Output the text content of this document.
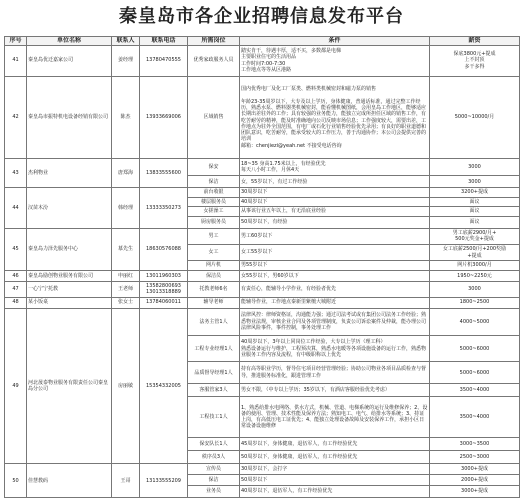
秦皇岛市各企业招聘信息发布平台
序号	单位名称	联系人	联系电话	所需岗位	条件	薪资
41	秦皇岛优迁嘉家公司	姜经理	13780470555	优秀家政服务人员	踏实肯干，待遇丰厚，适不买，多数都是电梯
主要职业住宅的生活用品
工作时间7:00-7:30
工作地点等等从区港路	保底3800元+提成
上不封顶
多干多得
42	秦皇岛市振特机电设备经销有限公司	陈杰	13933669006	区域销售	国内优秀电厂及化工厂泵类、燃料类机械密封和磁力泵的销售

年龄23-35周岁以下，大专及以上学历，身体健康，普通话标准，通过完整工作经历，熟悉水泵、燃料器类机械密封，能看懂机械图纸，会用皇岛工作地区，能够适应长期出差驻外的工作；具有较强的业务能力，能独立完成所担任区域的销售工作，有吃苦耐劳的精神，能及时准确地向公司反映市场信息；工作强度较大，需要出差，工作地点为驻外全国范围，有电厂或石化行业销售经验优先录用；有良好的职业道德和团队意识，吃苦耐劳，能承受较大的工作压力，善于沟通协作；本公司会提供完善的培训
邮箱：chenjiezi@yeah.net 不接受电话咨询	5000~10000/月
43	杰利物业	唐郑海	13833555600	保安	18~35 身高1.75米以上，有经验优先
每天八小时工作，月休4天	3000
				保洁	女，55岁以下，有过工作经验	3000
44	汉苗木汾	韩经理	13333350273	前台收银	30周岁以下	3200+提成
				楼层服务员	40周岁以下	面议
				女搓澡工	从事该行业五年以上，有无沿底业经验	面议
				厨房服务员	50周岁以下，有经验	面议
45	秦皇岛力泽先服务中心	慕先生	18630576088	男工	男工60岁以下	男工底薪2900/月+
500元奖金+提成
				女工	女工55岁以下	女工底薪2500/月+200奖励
+提成
				网片机	男55岁以下	网片机3000/月
46	秦皇岛励创物业服务有限公司	申丽红	13011960303	保洁员	女55岁以下，男60岁以下	1950~2250元
47	一心宁宁托教	王老师	13582800693
13013318889	托教老师6名	有责任心，能辅导小学作业，有经验者优先	3000
48	某小饭桌	张女士	13784060011	辅导老师	能辅导作业，工作地点秦新里紫檀大城附近	1800~2500
49	河北晟泰物业服务有限责任公司秦皇岛分公司	房丽敏	15354332005	法务主管1人	法律风控：律师资格证，沟通能力强；通过司法考试或有集团公司法务工作经验；熟悉物业法规，审核企业合同及各项管理制度，负责公司诉讼案件及仲裁，能办理公司法律风险事件，事件控制，事务处理工作	4000~5000
				工程专业经理1人	40周岁以下，3年以上同岗位工作经验，大专以上学历（理工科）
熟悉设备运行与维护，工程预决算，熟悉水电暖等各项设施设备的运行工作，熟悉物业服务工作内容及流程，有中级职称以上优先	5000~6000
				品质督导经理1人	持有高等职业学历，督导住宅项目经营管理经验；协助公司物业各项目品质检查与督导，推进服务标准化，跟进管理工作	5000~6000
				客服管家3人	男女不限，（中专以上学历；35岁以下，有酒店客服经验优先考虑）	3500~4000
				工程技工1人	1、熟悉给排水电网络、供水方式，机械、管道、电梯系统的运行及维修保养；2、设备的使用、管理、技术性能及保养方法；熟知电工、电气、给排水等系统；3、持证上岗，有高低压电工证优先；4、能独立处理设备故障及安装保养工作，承担小区日常设备设施维修	3500~4000
				保安队长1人	45周岁以下，身体健康，退伍军人，有工作经验优先	3000~3500
				秩序员3人	50周岁以下，身体健康，退伍军人，有工作经验优先	2500~3000
50	佳慧教码	王哥	13133555209	宣传员	30周岁以下，会打字	3000+提成
				保洁	50周岁以下	2000+提成
				业务员	40周岁以下，退伍军人，有工作经验优先	3000+提成
